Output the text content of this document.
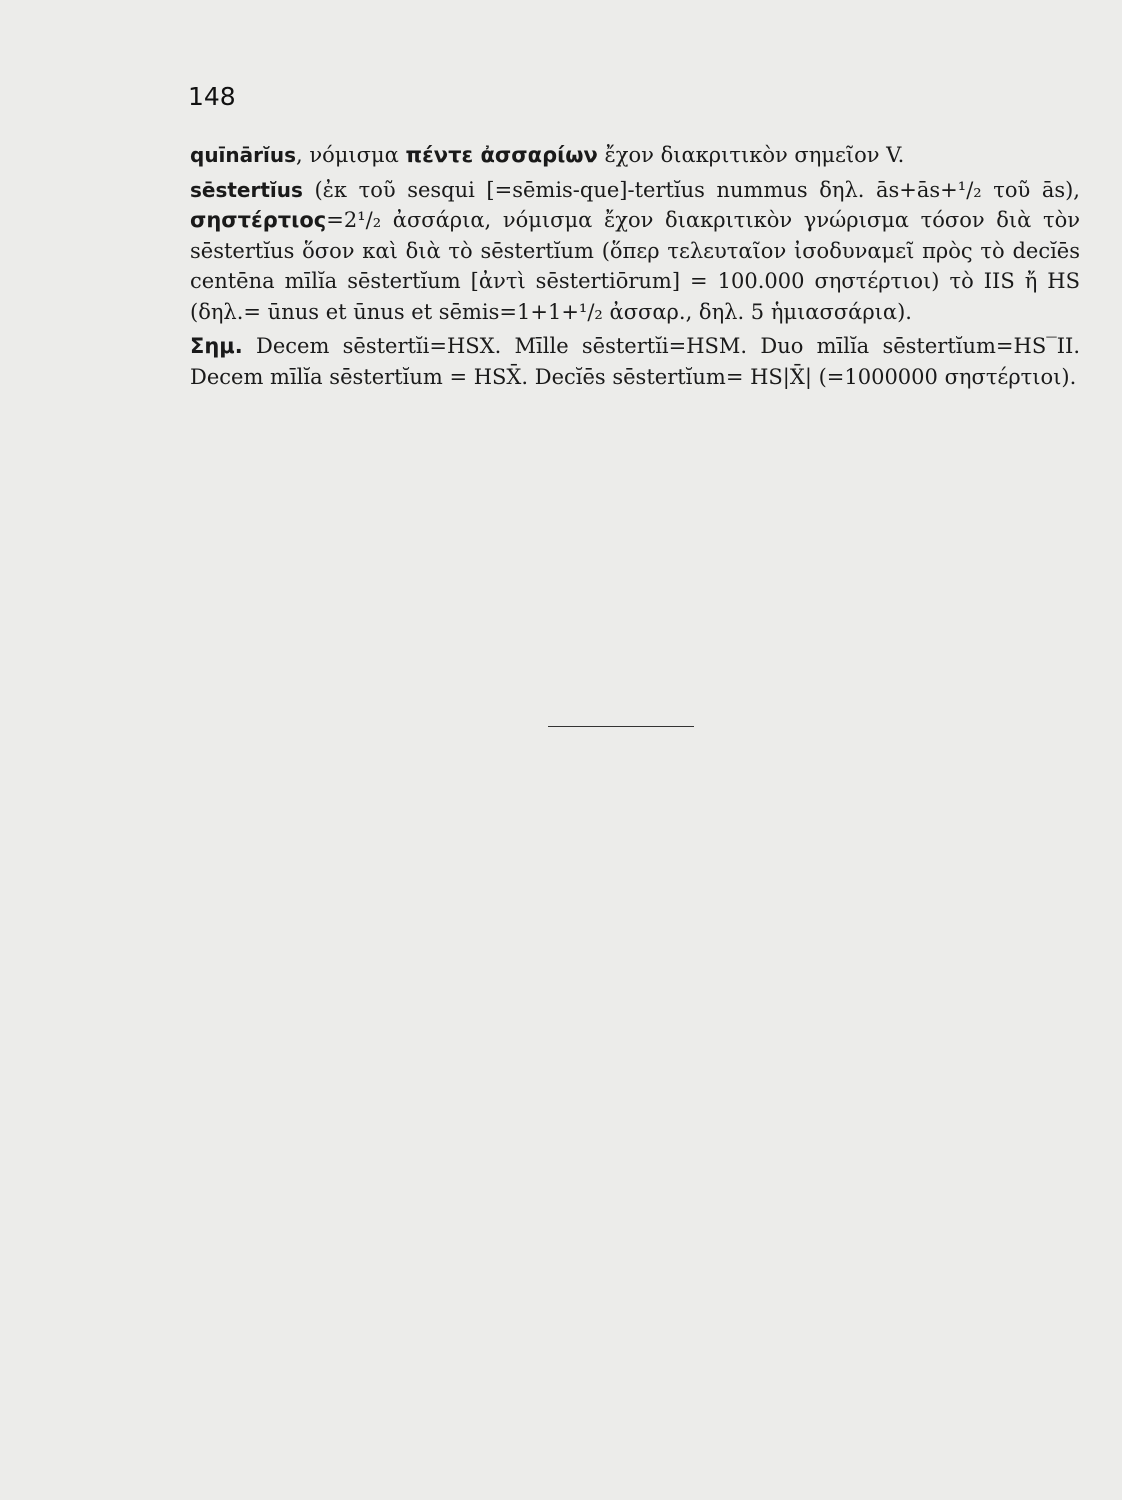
148

quīnārĭus, νόμισμα πέντε ἀσσαρίων ἔχον διακριτικὸν σημεῖον V.

sēstertĭus (ἐκ τοῦ sesqui [=sēmis-que]-tertĭus nummus δηλ. ās+ās+¹/₂ τοῦ ās), σηστέρτιος=2¹/₂ ἀσσάρια, νόμισμα ἔχον διακριτικὸν γνώρισμα τόσον διὰ τὸν sēstertĭus ὅσον καὶ διὰ τὸ sēstertĭum (ὅπερ τελευταῖον ἰσοδυναμεῖ πρὸς τὸ decĭēs centēna mīlĭa sēstertĭum [ἀντὶ sēstertiōrum] = 100.000 σηστέρτιοι) τὸ IIS ἤ HS (δηλ.= ūnus et ūnus et sēmis=1+1+¹/₂ ἀσσαρ., δηλ. 5 ἡμιασσάρια).

Σημ. Decem sēstertĭi=HSX. Mīlle sēstertĭi=HSM. Duo mīlĭa sēstertĭum=HS‾II. Decem mīlĭa sēstertĭum = HSX̄. Decĭēs sēstertĭum= HS|X̄| (=1000000 σηστέρτιοι).
